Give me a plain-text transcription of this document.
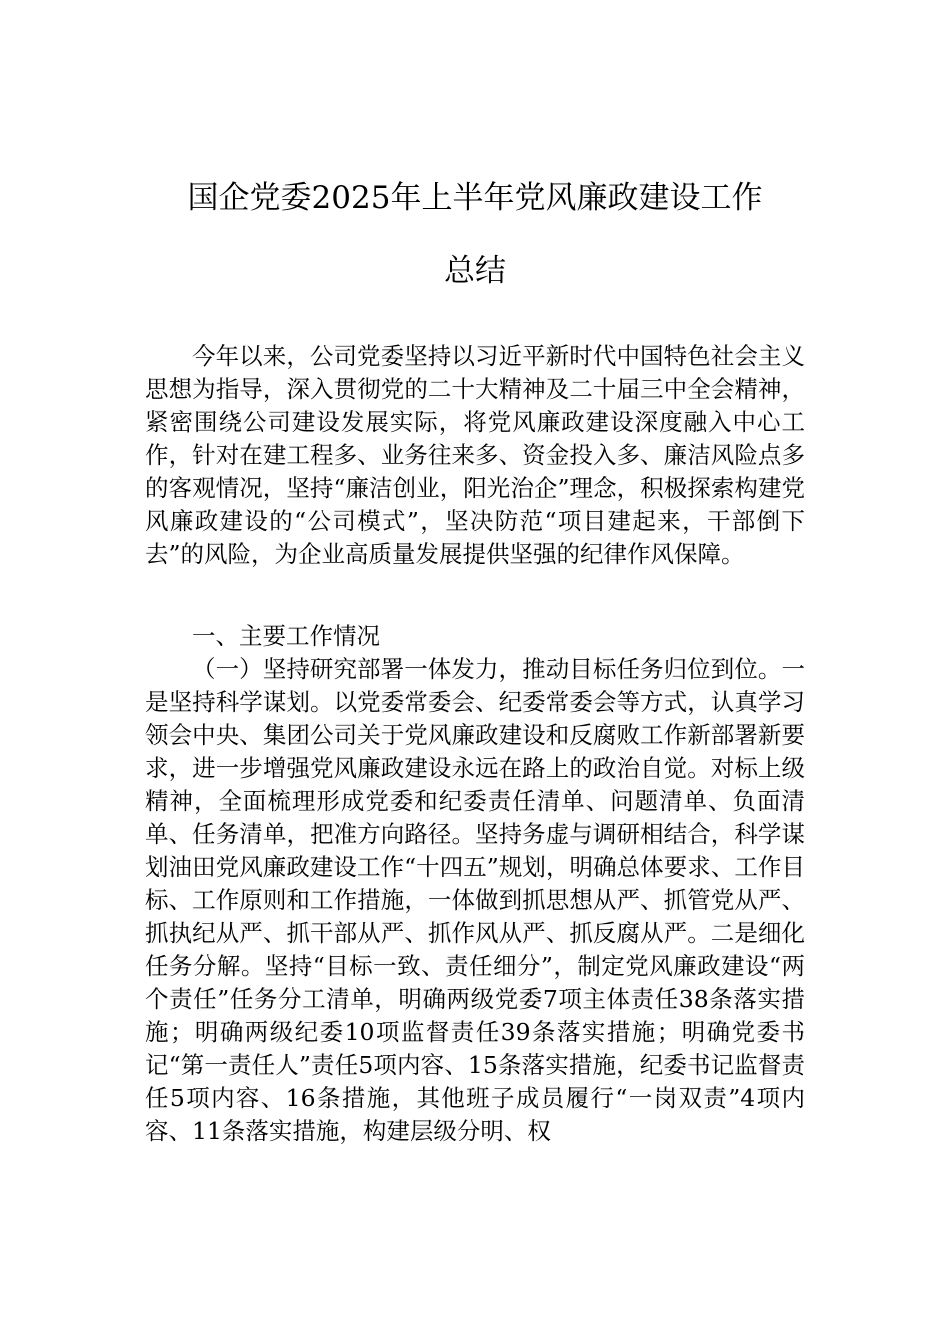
国企党委2025年上半年党风廉政建设工作
总结

今年以来，公司党委坚持以习近平新时代中国特色社会主义思想为指导，深入贯彻党的二十大精神及二十届三中全会精神，紧密围绕公司建设发展实际，将党风廉政建设深度融入中心工作，针对在建工程多、业务往来多、资金投入多、廉洁风险点多的客观情况，坚持“廉洁创业，阳光治企”理念，积极探索构建党风廉政建设的“公司模式”，坚决防范“项目建起来，干部倒下去”的风险，为企业高质量发展提供坚强的纪律作风保障。

一、主要工作情况

（一）坚持研究部署一体发力，推动目标任务归位到位。一是坚持科学谋划。以党委常委会、纪委常委会等方式，认真学习领会中央、集团公司关于党风廉政建设和反腐败工作新部署新要求，进一步增强党风廉政建设永远在路上的政治自觉。对标上级精神，全面梳理形成党委和纪委责任清单、问题清单、负面清单、任务清单，把准方向路径。坚持务虚与调研相结合，科学谋划油田党风廉政建设工作“十四五”规划，明确总体要求、工作目标、工作原则和工作措施，一体做到抓思想从严、抓管党从严、抓执纪从严、抓干部从严、抓作风从严、抓反腐从严。二是细化任务分解。坚持“目标一致、责任细分”，制定党风廉政建设“两个责任”任务分工清单，明确两级党委7项主体责任38条落实措施；明确两级纪委10项监督责任39条落实措施；明确党委书记“第一责任人”责任5项内容、15条落实措施，纪委书记监督责任5项内容、16条措施，其他班子成员履行“一岗双责”4项内容、11条落实措施，构建层级分明、权
